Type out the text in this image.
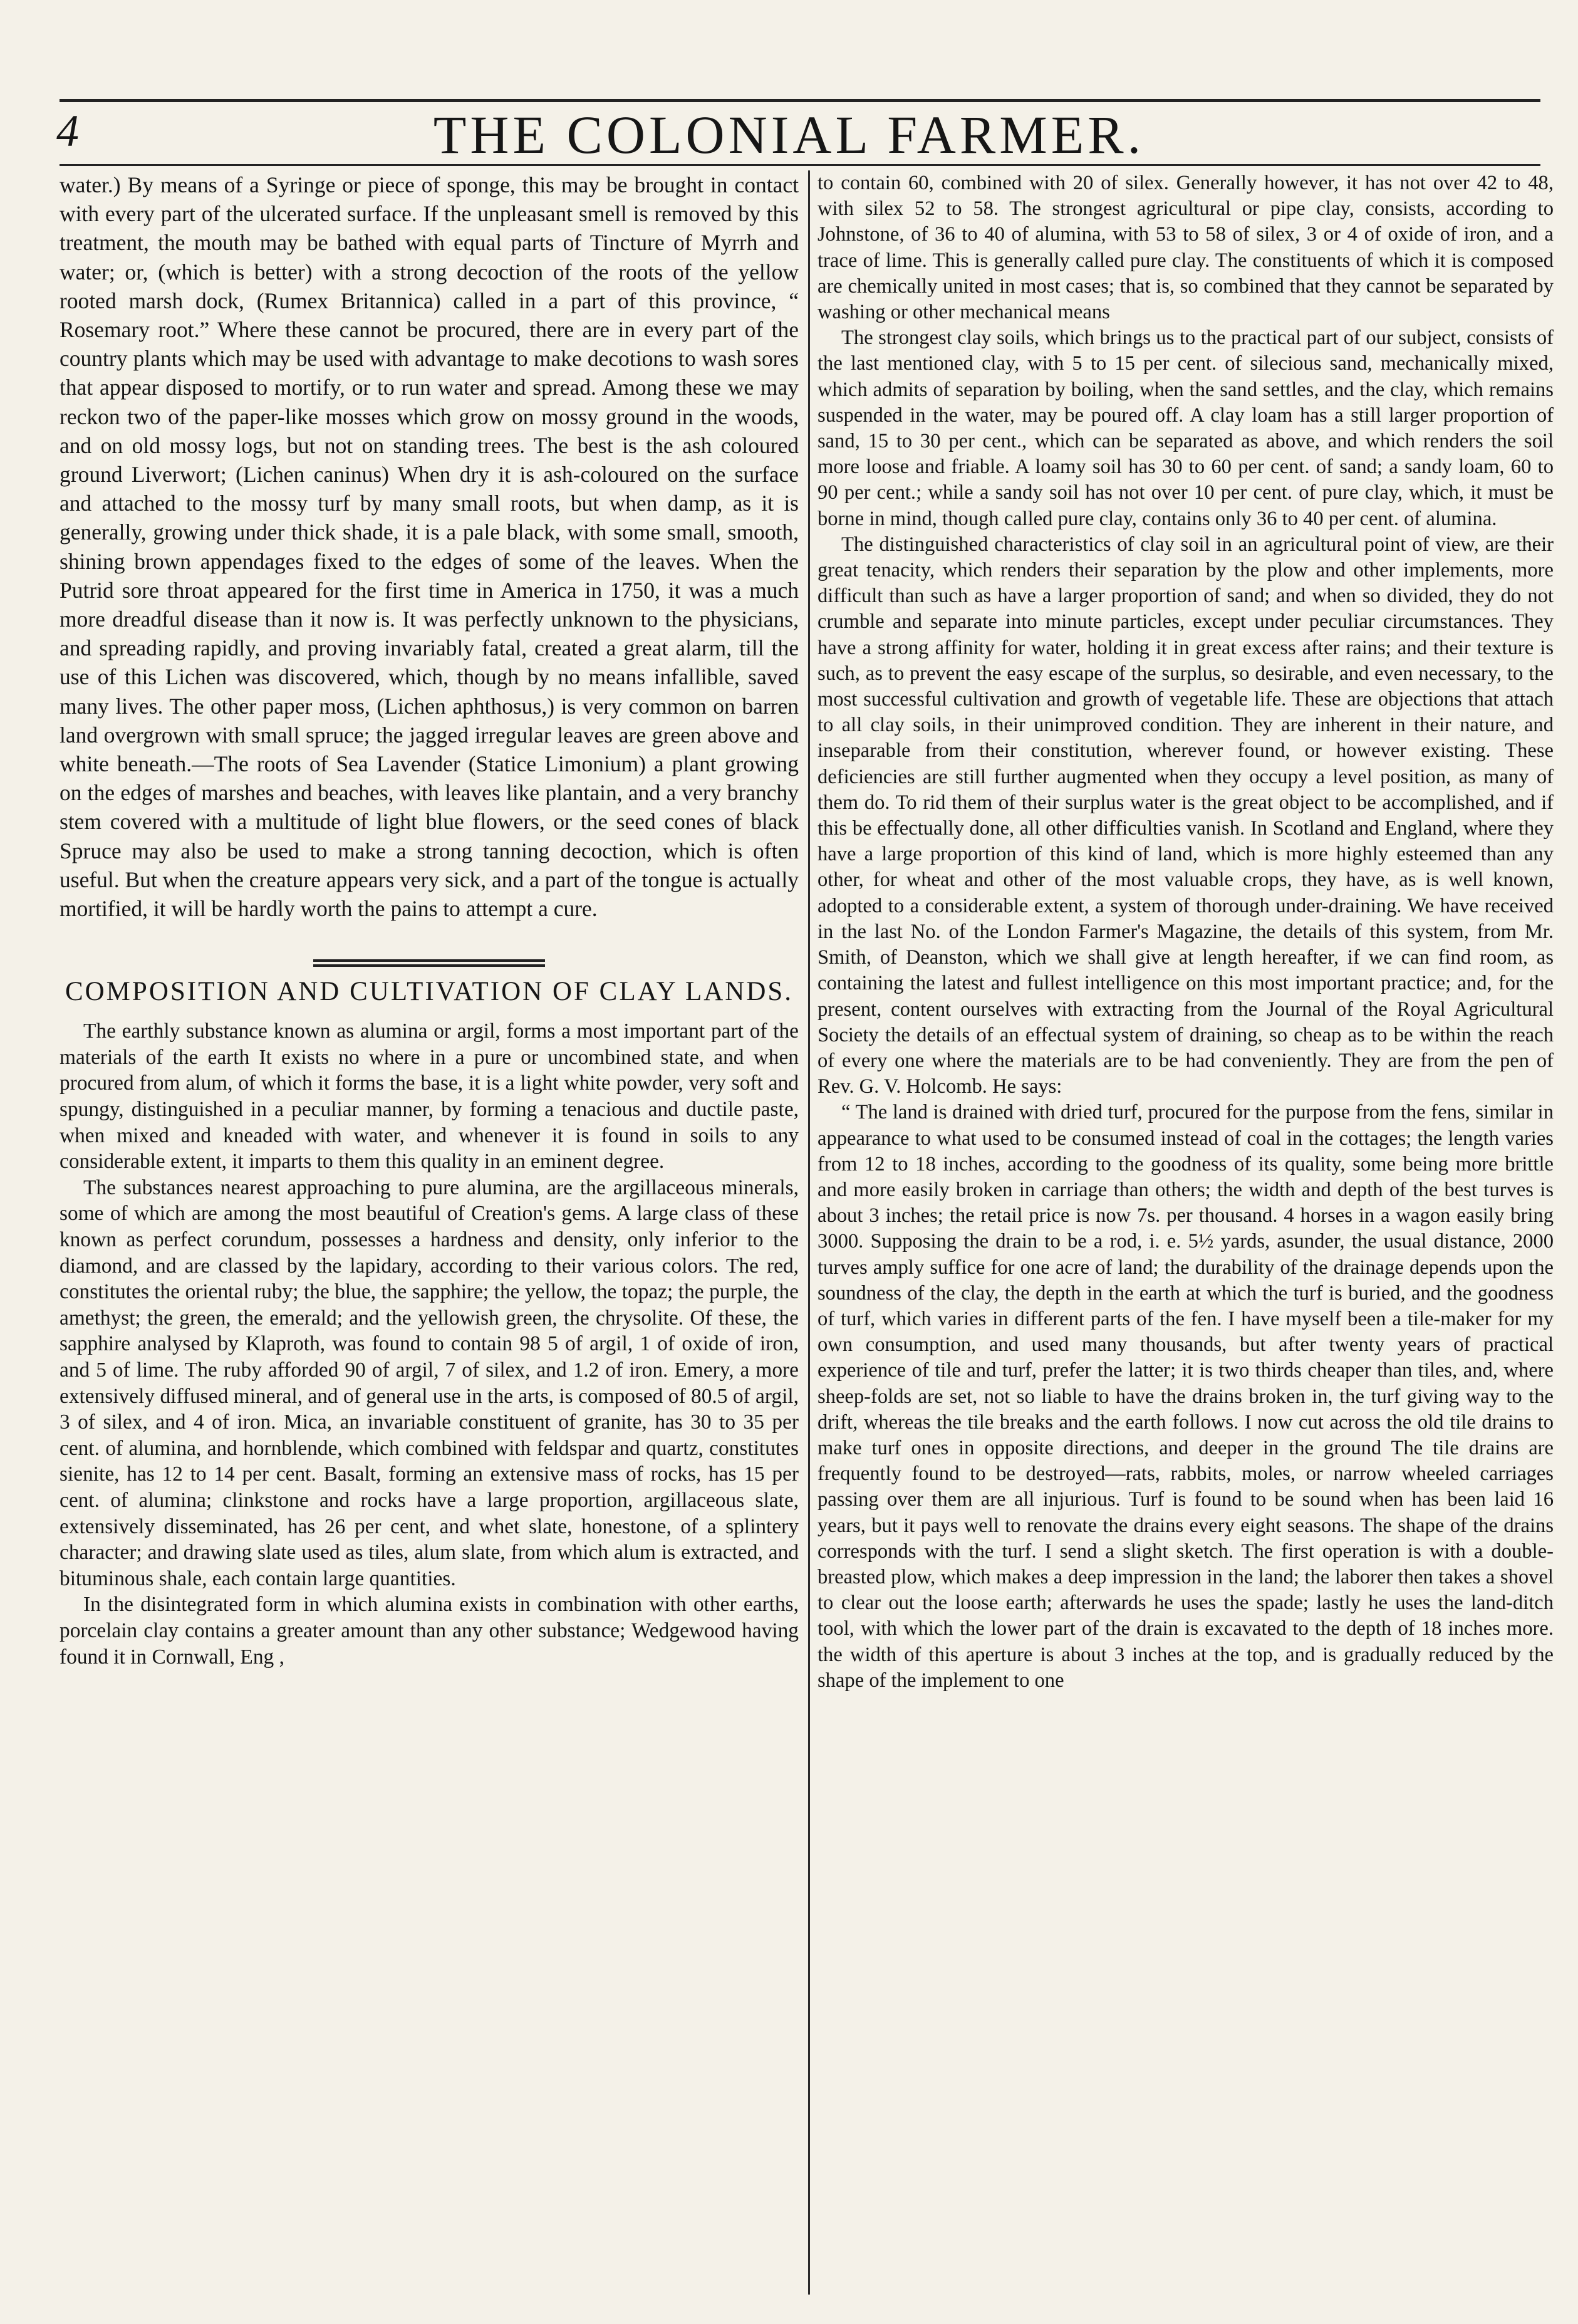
4	THE COLONIAL FARMER.

water.) By means of a Syringe or piece of sponge, this may be brought in contact with every part of the ulcerated surface. If the unpleasant smell is removed by this treatment, the mouth may be bathed with equal parts of Tincture of Myrrh and water; or, (which is better) with a strong decoction of the roots of the yellow rooted marsh dock, (Rumex Britannica) called in a part of this province, “ Rosemary root.” Where these cannot be procured, there are in every part of the country plants which may be used with advantage to make decotions to wash sores that appear disposed to mortify, or to run water and spread. Among these we may reckon two of the paper-like mosses which grow on mossy ground in the woods, and on old mossy logs, but not on standing trees. The best is the ash coloured ground Liverwort; (Lichen caninus) When dry it is ash-coloured on the surface and attached to the mossy turf by many small roots, but when damp, as it is generally, growing under thick shade, it is a pale black, with some small, smooth, shining brown appendages fixed to the edges of some of the leaves. When the Putrid sore throat appeared for the first time in America in 1750, it was a much more dreadful disease than it now is. It was perfectly unknown to the physicians, and spreading rapidly, and proving invariably fatal, created a great alarm, till the use of this Lichen was discovered, which, though by no means infallible, saved many lives. The other paper moss, (Lichen aphthosus,) is very common on barren land overgrown with small spruce; the jagged irregular leaves are green above and white beneath.—The roots of Sea Lavender (Statice Limonium) a plant growing on the edges of marshes and beaches, with leaves like plantain, and a very branchy stem covered with a multitude of light blue flowers, or the seed cones of black Spruce may also be used to make a strong tanning decoction, which is often useful. But when the creature appears very sick, and a part of the tongue is actually mortified, it will be hardly worth the pains to attempt a cure.

COMPOSITION AND CULTIVATION OF CLAY LANDS.

The earthly substance known as alumina or argil, forms a most important part of the materials of the earth It exists no where in a pure or uncombined state, and when procured from alum, of which it forms the base, it is a light white powder, very soft and spungy, distinguished in a peculiar manner, by forming a tenacious and ductile paste, when mixed and kneaded with water, and whenever it is found in soils to any considerable extent, it imparts to them this quality in an eminent degree.

The substances nearest approaching to pure alumina, are the argillaceous minerals, some of which are among the most beautiful of Creation's gems. A large class of these known as perfect corundum, possesses a hardness and density, only inferior to the diamond, and are classed by the lapidary, according to their various colors. The red, constitutes the oriental ruby; the blue, the sapphire; the yellow, the topaz; the purple, the amethyst; the green, the emerald; and the yellowish green, the chrysolite. Of these, the sapphire analysed by Klaproth, was found to contain 98 5 of argil, 1 of oxide of iron, and 5 of lime. The ruby afforded 90 of argil, 7 of silex, and 1.2 of iron. Emery, a more extensively diffused mineral, and of general use in the arts, is composed of 80.5 of argil, 3 of silex, and 4 of iron. Mica, an invariable constituent of granite, has 30 to 35 per cent. of alumina, and hornblende, which combined with feldspar and quartz, constitutes sienite, has 12 to 14 per cent. Basalt, forming an extensive mass of rocks, has 15 per cent. of alumina; clinkstone and rocks have a large proportion, argillaceous slate, extensively disseminated, has 26 per cent, and whet slate, honestone, of a splintery character; and drawing slate used as tiles, alum slate, from which alum is extracted, and bituminous shale, each contain large quantities.

In the disintegrated form in which alumina exists in combination with other earths, porcelain clay contains a greater amount than any other substance; Wedgewood having found it in Cornwall, Eng ,

to contain 60, combined with 20 of silex. Generally however, it has not over 42 to 48, with silex 52 to 58. The strongest agricultural or pipe clay, consists, according to Johnstone, of 36 to 40 of alumina, with 53 to 58 of silex, 3 or 4 of oxide of iron, and a trace of lime. This is generally called pure clay. The constituents of which it is composed are chemically united in most cases; that is, so combined that they cannot be separated by washing or other mechanical means

The strongest clay soils, which brings us to the practical part of our subject, consists of the last mentioned clay, with 5 to 15 per cent. of silecious sand, mechanically mixed, which admits of separation by boiling, when the sand settles, and the clay, which remains suspended in the water, may be poured off. A clay loam has a still larger proportion of sand, 15 to 30 per cent., which can be separated as above, and which renders the soil more loose and friable. A loamy soil has 30 to 60 per cent. of sand; a sandy loam, 60 to 90 per cent.; while a sandy soil has not over 10 per cent. of pure clay, which, it must be borne in mind, though called pure clay, contains only 36 to 40 per cent. of alumina.

The distinguished characteristics of clay soil in an agricultural point of view, are their great tenacity, which renders their separation by the plow and other implements, more difficult than such as have a larger proportion of sand; and when so divided, they do not crumble and separate into minute particles, except under peculiar circumstances. They have a strong affinity for water, holding it in great excess after rains; and their texture is such, as to prevent the easy escape of the surplus, so desirable, and even necessary, to the most successful cultivation and growth of vegetable life. These are objections that attach to all clay soils, in their unimproved condition. They are inherent in their nature, and inseparable from their constitution, wherever found, or however existing. These deficiencies are still further augmented when they occupy a level position, as many of them do. To rid them of their surplus water is the great object to be accomplished, and if this be effectually done, all other difficulties vanish. In Scotland and England, where they have a large proportion of this kind of land, which is more highly esteemed than any other, for wheat and other of the most valuable crops, they have, as is well known, adopted to a considerable extent, a system of thorough under-draining. We have received in the last No. of the London Farmer's Magazine, the details of this system, from Mr. Smith, of Deanston, which we shall give at length hereafter, if we can find room, as containing the latest and fullest intelligence on this most important practice; and, for the present, content ourselves with extracting from the Journal of the Royal Agricultural Society the details of an effectual system of draining, so cheap as to be within the reach of every one where the materials are to be had conveniently. They are from the pen of Rev. G. V. Holcomb. He says:

“ The land is drained with dried turf, procured for the purpose from the fens, similar in appearance to what used to be consumed instead of coal in the cottages; the length varies from 12 to 18 inches, according to the goodness of its quality, some being more brittle and more easily broken in carriage than others; the width and depth of the best turves is about 3 inches; the retail price is now 7s. per thousand. 4 horses in a wagon easily bring 3000. Supposing the drain to be a rod, i. e. 5½ yards, asunder, the usual distance, 2000 turves amply suffice for one acre of land; the durability of the drainage depends upon the soundness of the clay, the depth in the earth at which the turf is buried, and the goodness of turf, which varies in different parts of the fen. I have myself been a tile-maker for my own consumption, and used many thousands, but after twenty years of practical experience of tile and turf, prefer the latter; it is two thirds cheaper than tiles, and, where sheep-folds are set, not so liable to have the drains broken in, the turf giving way to the drift, whereas the tile breaks and the earth follows. I now cut across the old tile drains to make turf ones in opposite directions, and deeper in the ground The tile drains are frequently found to be destroyed—rats, rabbits, moles, or narrow wheeled carriages passing over them are all injurious. Turf is found to be sound when has been laid 16 years, but it pays well to renovate the drains every eight seasons. The shape of the drains corresponds with the turf. I send a slight sketch. The first operation is with a double-breasted plow, which makes a deep impression in the land; the laborer then takes a shovel to clear out the loose earth; afterwards he uses the spade; lastly he uses the land-ditch tool, with which the lower part of the drain is excavated to the depth of 18 inches more. the width of this aperture is about 3 inches at the top, and is gradually reduced by the shape of the implement to one
